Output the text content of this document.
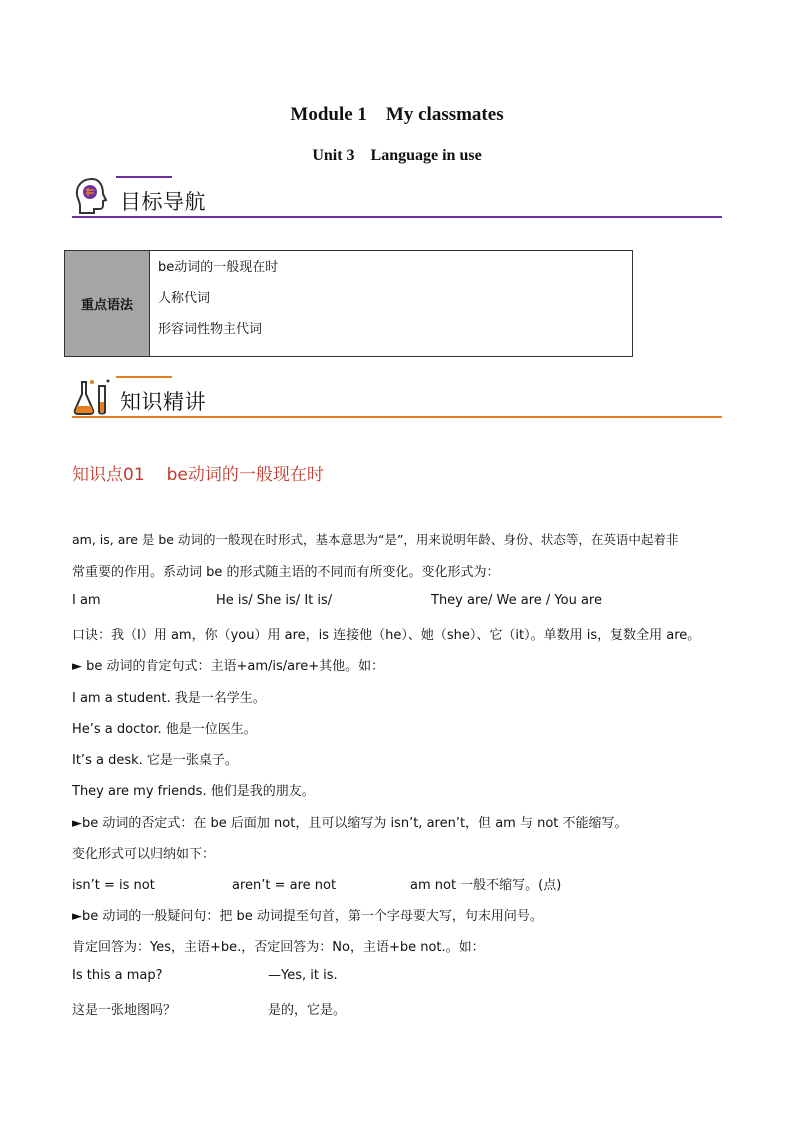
Module 1    My classmates
Unit 3    Language in use
目标导航
重点语法	
be动词的一般现在时
人称代词
形容词性物主代词
知识精讲
知识点01 be动词的一般现在时
am, is, are 是 be 动词的一般现在时形式，基本意思为“是”，用来说明年龄、身份、状态等，在英语中起着非
常重要的作用。系动词 be 的形式随主语的不同而有所变化。变化形式为：
I am	He is/ She is/ It is/	They are/ We are / You are
口诀：我（I）用 am，你（you）用 are，is 连接他（he）、她（she）、它（it）。单数用 is，复数全用 are。
► be 动词的肯定句式：主语+am/is/are+其他。如：
I am a student. 我是一名学生。
He’s a doctor. 他是一位医生。
It’s a desk. 它是一张桌子。
They are my friends. 他们是我的朋友。
►be 动词的否定式：在 be 后面加 not，且可以缩写为 isn’t, aren’t，但 am 与 not 不能缩写。
变化形式可以归纳如下：
isn’t = is not	aren’t = are not	am not 一般不缩写。(点)
►be 动词的一般疑问句：把 be 动词提至句首，第一个字母要大写，句末用问号。
肯定回答为：Yes，主语+be.，否定回答为：No，主语+be not.。如：
Is this a map?	—Yes, it is.
这是一张地图吗？	是的，它是。
